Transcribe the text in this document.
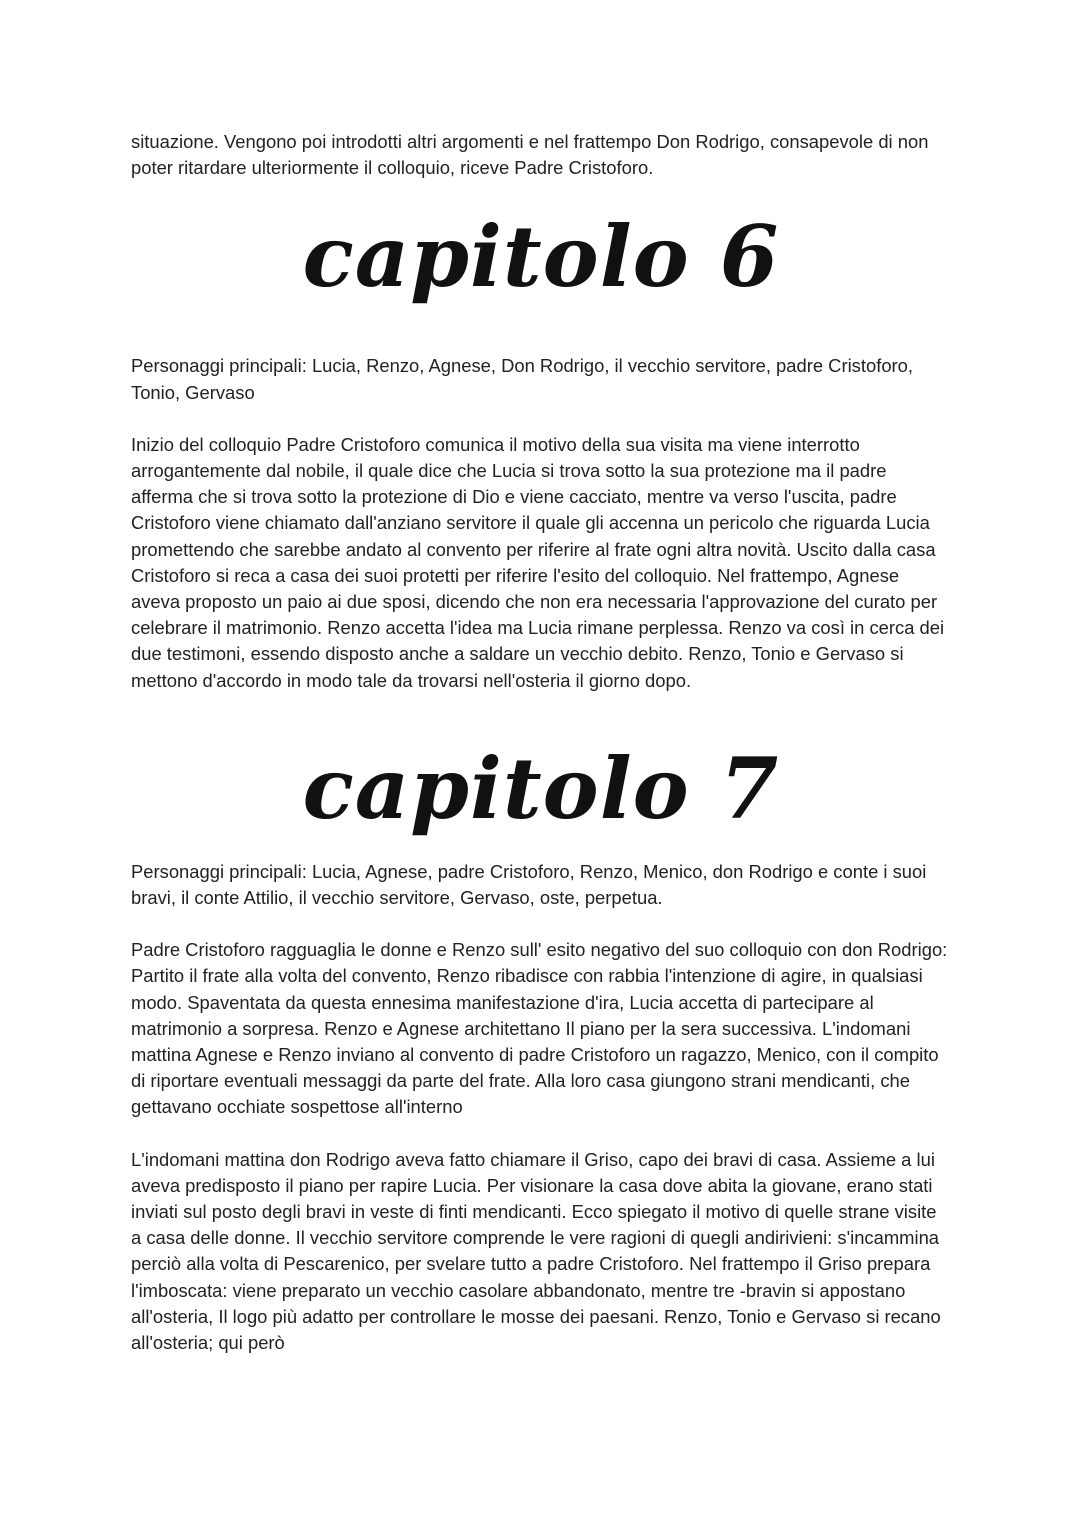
situazione. Vengono poi introdotti altri argomenti e nel frattempo Don Rodrigo, consapevole di non poter ritardare ulteriormente il colloquio, riceve Padre Cristoforo.

capitolo 6

Personaggi principali: Lucia, Renzo, Agnese, Don Rodrigo, il vecchio servitore, padre Cristoforo, Tonio, Gervaso

Inizio del colloquio Padre Cristoforo comunica il motivo della sua visita ma viene interrotto arrogantemente dal nobile, il quale dice che Lucia si trova sotto la sua protezione ma il padre afferma che si trova sotto la protezione di Dio e viene cacciato, mentre va verso l'uscita, padre Cristoforo viene chiamato dall'anziano servitore il quale gli accenna un pericolo che riguarda Lucia promettendo che sarebbe andato al convento per riferire al frate ogni altra novità. Uscito dalla casa Cristoforo si reca a casa dei suoi protetti per riferire l'esito del colloquio. Nel frattempo, Agnese aveva proposto un paio ai due sposi, dicendo che non era necessaria l'approvazione del curato per celebrare il matrimonio. Renzo accetta l'idea ma Lucia rimane perplessa. Renzo va così in cerca dei due testimoni, essendo disposto anche a saldare un vecchio debito. Renzo, Tonio e Gervaso si mettono d'accordo in modo tale da trovarsi nell'osteria il giorno dopo.

capitolo 7

Personaggi principali: Lucia, Agnese, padre Cristoforo, Renzo, Menico, don Rodrigo e conte i suoi bravi, il conte Attilio, il vecchio servitore, Gervaso, oste, perpetua.

Padre Cristoforo ragguaglia le donne e Renzo sull' esito negativo del suo colloquio con don Rodrigo: Partito il frate alla volta del convento, Renzo ribadisce con rabbia l'intenzione di agire, in qualsiasi modo. Spaventata da questa ennesima manifestazione d'ira, Lucia accetta di partecipare al matrimonio a sorpresa. Renzo e Agnese architettano Il piano per la sera successiva. L'indomani mattina Agnese e Renzo inviano al convento di padre Cristoforo un ragazzo, Menico, con il compito di riportare eventuali messaggi da parte del frate. Alla loro casa giungono strani mendicanti, che gettavano occhiate sospettose all'interno

L'indomani mattina don Rodrigo aveva fatto chiamare il Griso, capo dei bravi di casa. Assieme a lui aveva predisposto il piano per rapire Lucia. Per visionare la casa dove abita la giovane, erano stati inviati sul posto degli bravi in veste di finti mendicanti. Ecco spiegato il motivo di quelle strane visite a casa delle donne. Il vecchio servitore comprende le vere ragioni di quegli andirivieni: s'incammina perciò alla volta di Pescarenico, per svelare tutto a padre Cristoforo. Nel frattempo il Griso prepara l'imboscata: viene preparato un vecchio casolare abbandonato, mentre tre -bravin si appostano all'osteria, Il logo più adatto per controllare le mosse dei paesani. Renzo, Tonio e Gervaso si recano all'osteria; qui però
